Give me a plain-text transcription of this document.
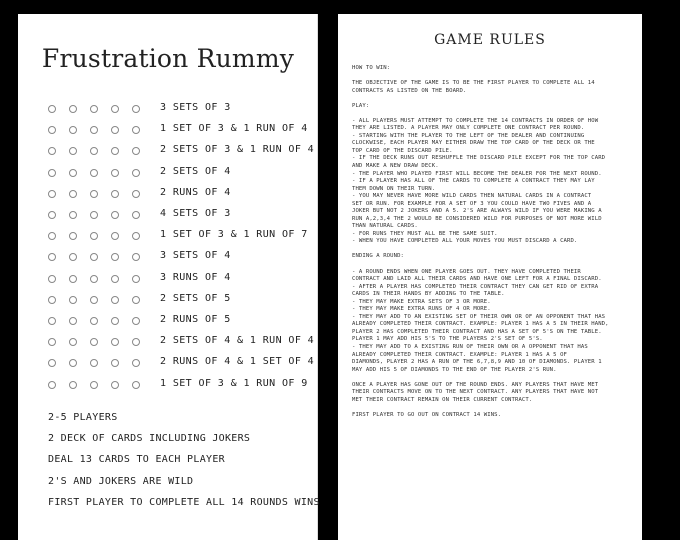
Frustration Rummy
3 SETS OF 3
1 SET OF 3 & 1 RUN OF 4
2 SETS OF 3 & 1 RUN OF 4
2 SETS OF 4
2 RUNS OF 4
4 SETS OF 3
1 SET OF 3 & 1 RUN OF 7
3 SETS OF 4
3 RUNS OF 4
2 SETS OF 5
2 RUNS OF 5
2 SETS OF 4 & 1 RUN OF 4
2 RUNS OF 4 & 1 SET OF 4
1 SET OF 3 & 1 RUN OF 9
2-5 PLAYERS
2 DECK OF CARDS INCLUDING JOKERS
DEAL 13 CARDS TO EACH PLAYER
2'S AND JOKERS ARE WILD
FIRST PLAYER TO COMPLETE ALL 14 ROUNDS WINS
GAME RULES
HOW TO WIN:
THE OBJECTIVE OF THE GAME IS TO BE THE FIRST PLAYER TO COMPLETE ALL 14
CONTRACTS AS LISTED ON THE BOARD.
PLAY:
- ALL PLAYERS MUST ATTEMPT TO COMPLETE THE 14 CONTRACTS IN ORDER OF HOW
THEY ARE LISTED. A PLAYER MAY ONLY COMPLETE ONE CONTRACT PER ROUND.
- STARTING WITH THE PLAYER TO THE LEFT OF THE DEALER AND CONTINUING
CLOCKWISE, EACH PLAYER MAY EITHER DRAW THE TOP CARD OF THE DECK OR THE
TOP CARD OF THE DISCARD PILE.
- IF THE DECK RUNS OUT RESHUFFLE THE DISCARD PILE EXCEPT FOR THE TOP CARD
AND MAKE A NEW DRAW DECK.
- THE PLAYER WHO PLAYED FIRST WILL BECOME THE DEALER FOR THE NEXT ROUND.
- IF A PLAYER HAS ALL OF THE CARDS TO COMPLETE A CONTRACT THEY MAY LAY
THEM DOWN ON THEIR TURN.
- YOU MAY NEVER HAVE MORE WILD CARDS THEN NATURAL CARDS IN A CONTRACT
SET OR RUN. FOR EXAMPLE FOR A SET OF 3 YOU COULD HAVE TWO FIVES AND A
JOKER BUT NOT 2 JOKERS AND A 5. 2'S ARE ALWAYS WILD IF YOU WERE MAKING A
RUN A,2,3,4 THE 2 WOULD BE CONSIDERED WILD FOR PURPOSES OF NOT MORE WILD
THAN NATURAL CARDS.
- FOR RUNS THEY MUST ALL BE THE SAME SUIT.
- WHEN YOU HAVE COMPLETED ALL YOUR MOVES YOU MUST DISCARD A CARD.
ENDING A ROUND:
- A ROUND ENDS WHEN ONE PLAYER GOES OUT. THEY HAVE COMPLETED THEIR
CONTRACT AND LAID ALL THEIR CARDS AND HAVE ONE LEFT FOR A FINAL DISCARD.
- AFTER A PLAYER HAS COMPLETED THEIR CONTRACT THEY CAN GET RID OF EXTRA
CARDS IN THEIR HANDS BY ADDING TO THE TABLE.
- THEY MAY MAKE EXTRA SETS OF 3 OR MORE.
- THEY MAY MAKE EXTRA RUNS OF 4 OR MORE.
- THEY MAY ADD TO AN EXISTING SET OF THEIR OWN OR OF AN OPPONENT THAT HAS
ALREADY COMPLETED THEIR CONTRACT. EXAMPLE: PLAYER 1 HAS A 5 IN THEIR HAND,
PLAYER 2 HAS COMPLETED THEIR CONTRACT AND HAS A SET OF 5'S ON THE TABLE.
PLAYER 1 MAY ADD HIS 5'S TO THE PLAYERS 2'S SET OF 5'S.
- THEY MAY ADD TO A EXISTING RUN OF THEIR OWN OR A OPPONENT THAT HAS
ALREADY COMPLETED THEIR CONTRACT. EXAMPLE: PLAYER 1 HAS A 5 OF
DIAMONDS, PLAYER 2 HAS A RUN OF THE 6,7,8,9 AND 10 OF DIAMONDS. PLAYER 1
MAY ADD HIS 5 OF DIAMONDS TO THE END OF THE PLAYER 2'S RUN.
ONCE A PLAYER HAS GONE OUT OF THE ROUND ENDS. ANY PLAYERS THAT HAVE MET
THEIR CONTRACTS MOVE ON TO THE NEXT CONTRACT. ANY PLAYERS THAT HAVE NOT
MET THEIR CONTRACT REMAIN ON THEIR CURRENT CONTRACT.
FIRST PLAYER TO GO OUT ON CONTRACT 14 WINS.
